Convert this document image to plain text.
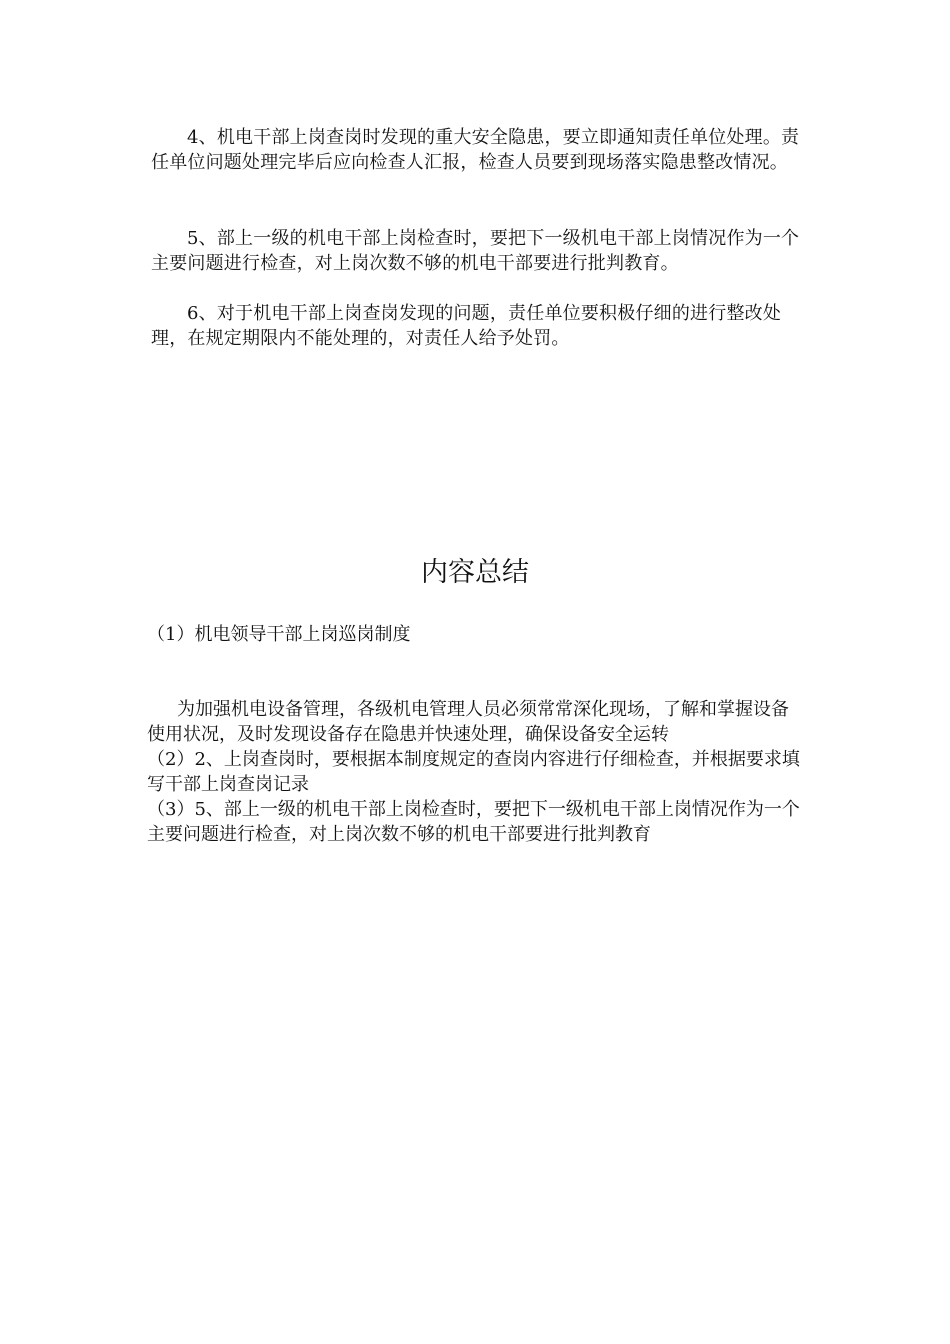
4、机电干部上岗查岗时发现的重大安全隐患，要立即通知责任单位处理。责任单位问题处理完毕后应向检查人汇报，检查人员要到现场落实隐患整改情况。

5、部上一级的机电干部上岗检查时，要把下一级机电干部上岗情况作为一个主要问题进行检查，对上岗次数不够的机电干部要进行批判教育。

6、对于机电干部上岗查岗发现的问题，责任单位要积极仔细的进行整改处理，在规定期限内不能处理的，对责任人给予处罚。

内容总结

（1）机电领导干部上岗巡岗制度

为加强机电设备管理，各级机电管理人员必须常常深化现场，了解和掌握设备使用状况，及时发现设备存在隐患并快速处理，确保设备安全运转

（2）2、上岗查岗时，要根据本制度规定的查岗内容进行仔细检查，并根据要求填写干部上岗查岗记录

（3）5、部上一级的机电干部上岗检查时，要把下一级机电干部上岗情况作为一个主要问题进行检查，对上岗次数不够的机电干部要进行批判教育
